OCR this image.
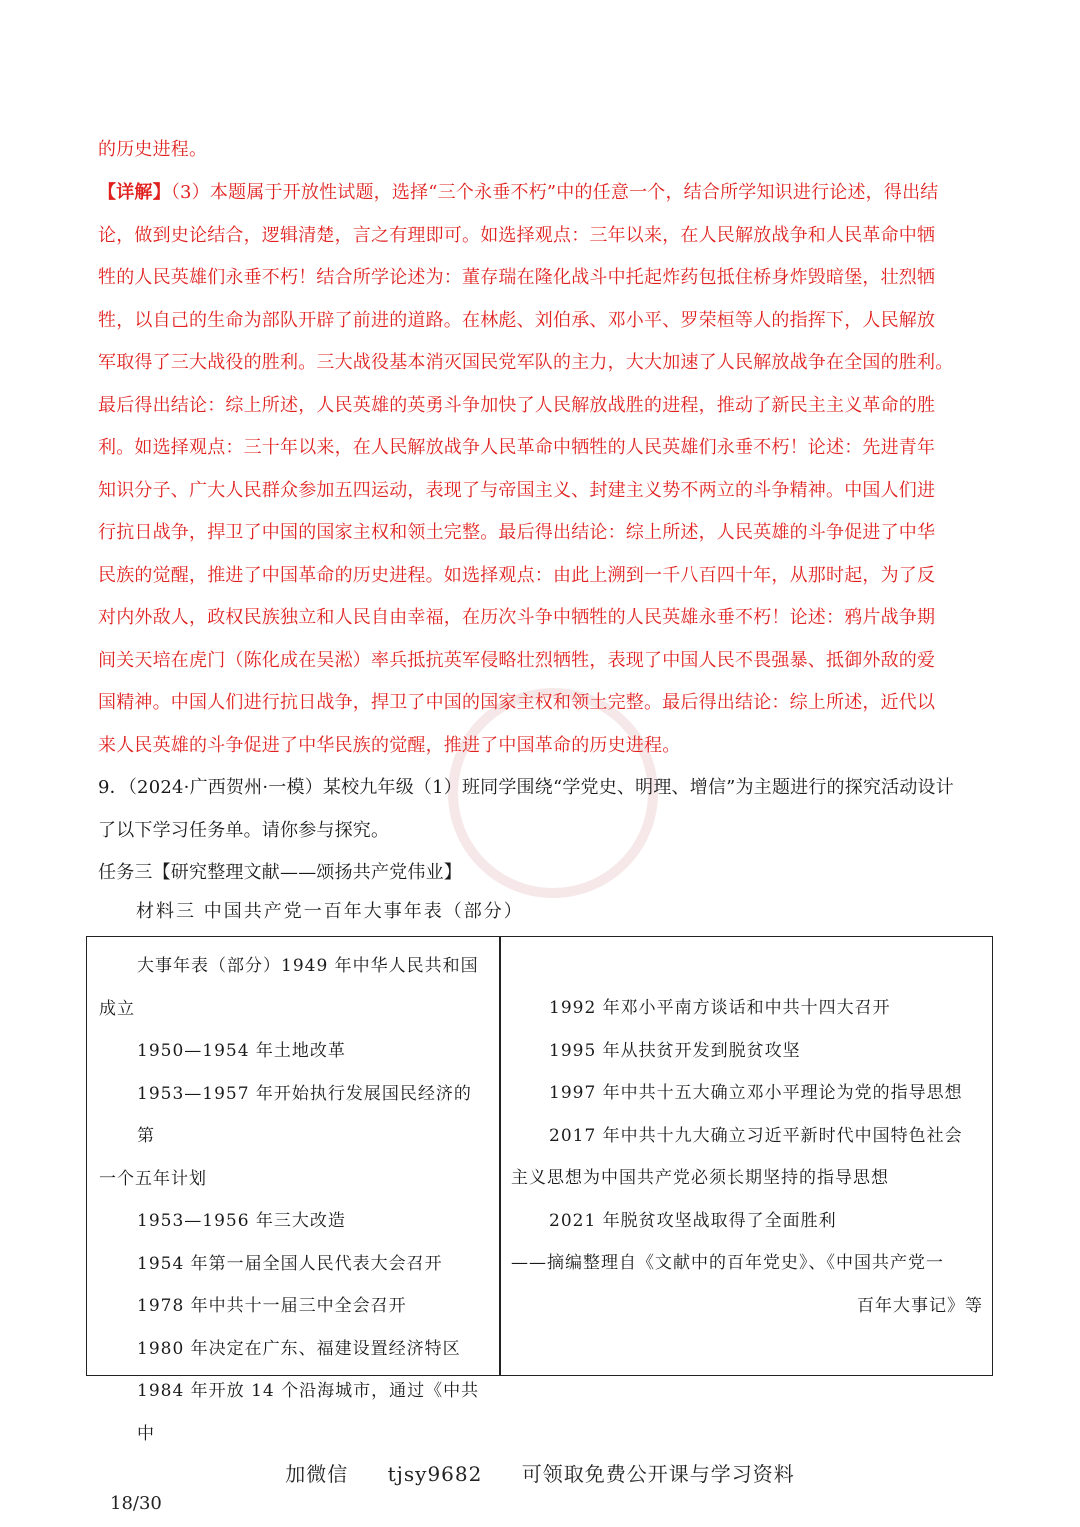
的历史进程。
【详解】（3）本题属于开放性试题，选择“三个永垂不朽”中的任意一个，结合所学知识进行论述，得出结
论，做到史论结合，逻辑清楚，言之有理即可。如选择观点：三年以来，在人民解放战争和人民革命中牺
牲的人民英雄们永垂不朽！结合所学论述为：董存瑞在隆化战斗中托起炸药包抵住桥身炸毁暗堡，壮烈牺
牲，以自己的生命为部队开辟了前进的道路。在林彪、刘伯承、邓小平、罗荣桓等人的指挥下，人民解放
军取得了三大战役的胜利。三大战役基本消灭国民党军队的主力，大大加速了人民解放战争在全国的胜利。
最后得出结论：综上所述，人民英雄的英勇斗争加快了人民解放战胜的进程，推动了新民主主义革命的胜
利。如选择观点：三十年以来，在人民解放战争人民革命中牺牲的人民英雄们永垂不朽！论述：先进青年
知识分子、广大人民群众参加五四运动，表现了与帝国主义、封建主义势不两立的斗争精神。中国人们进
行抗日战争，捍卫了中国的国家主权和领土完整。最后得出结论：综上所述，人民英雄的斗争促进了中华
民族的觉醒，推进了中国革命的历史进程。如选择观点：由此上溯到一千八百四十年，从那时起，为了反
对内外敌人，政权民族独立和人民自由幸福，在历次斗争中牺牲的人民英雄永垂不朽！论述：鸦片战争期
间关天培在虎门（陈化成在吴淞）率兵抵抗英军侵略壮烈牺牲，表现了中国人民不畏强暴、抵御外敌的爱
国精神。中国人们进行抗日战争，捍卫了中国的国家主权和领土完整。最后得出结论：综上所述，近代以
来人民英雄的斗争促进了中华民族的觉醒，推进了中国革命的历史进程。
9．（2024·广西贺州·一模）某校九年级（1）班同学围绕“学党史、明理、增信”为主题进行的探究活动设计
了以下学习任务单。请你参与探究。
任务三【研究整理文献——颂扬共产党伟业】
材料三 中国共产党一百年大事年表（部分）

大事年表（部分）1949 年中华人民共和国

成立

1950—1954 年土地改革

1953—1957 年开始执行发展国民经济的第

一个五年计划

1953—1956 年三大改造

1954 年第一届全国人民代表大会召开

1978 年中共十一届三中全会召开

1980 年决定在广东、福建设置经济特区

1984 年开放 14 个沿海城市，通过《中共中

1992 年邓小平南方谈话和中共十四大召开

1995 年从扶贫开发到脱贫攻坚

1997 年中共十五大确立邓小平理论为党的指导思想

2017 年中共十九大确立习近平新时代中国特色社会

主义思想为中国共产党必须长期坚持的指导思想

2021 年脱贫攻坚战取得了全面胜利

——摘编整理自《文献中的百年党史》、《中国共产党一

百年大事记》等

加微信 tjsy9682 可领取免费公开课与学习资料
18/30
